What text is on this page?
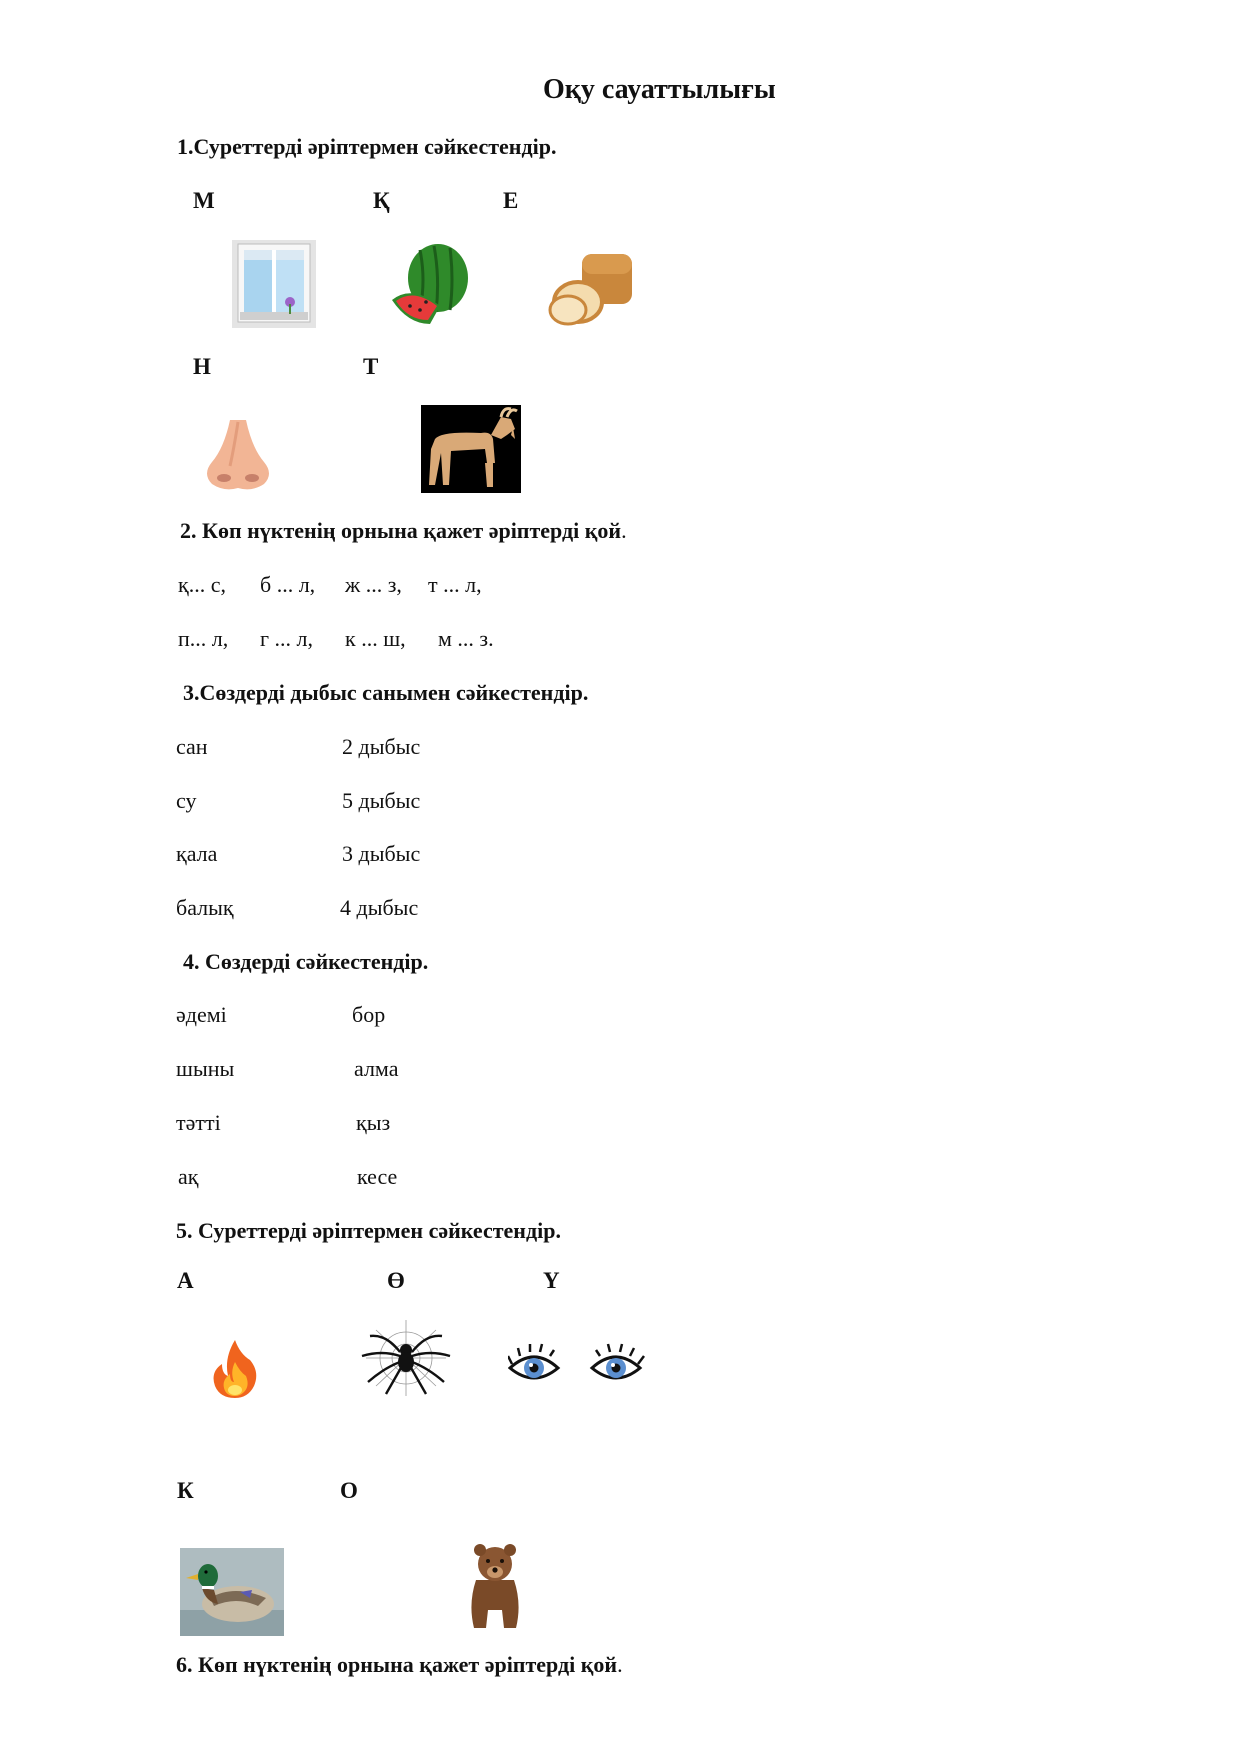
Оқу сауаттылығы
1.Суреттерді әріптермен сәйкестендір.
М	Қ	Е
Н	Т
2. Көп нүктенің орнына қажет әріптерді қой.
қ... с, б ... л, ж ... з, т ... л,
п... л, г ... л, к ... ш, м ... з.
3.Сөздерді дыбыс санымен сәйкестендір.
сан	2 дыбыс
су	5 дыбыс
қала	3 дыбыс
балық	4 дыбыс
4. Сөздерді сәйкестендір.
әдемі	бор
шыны	алма
тәтті	қыз
ақ	кесе
5. Суреттерді әріптермен сәйкестендір.
А	Ө	Ү
К	О
6. Көп нүктенің орнына қажет әріптерді қой.
